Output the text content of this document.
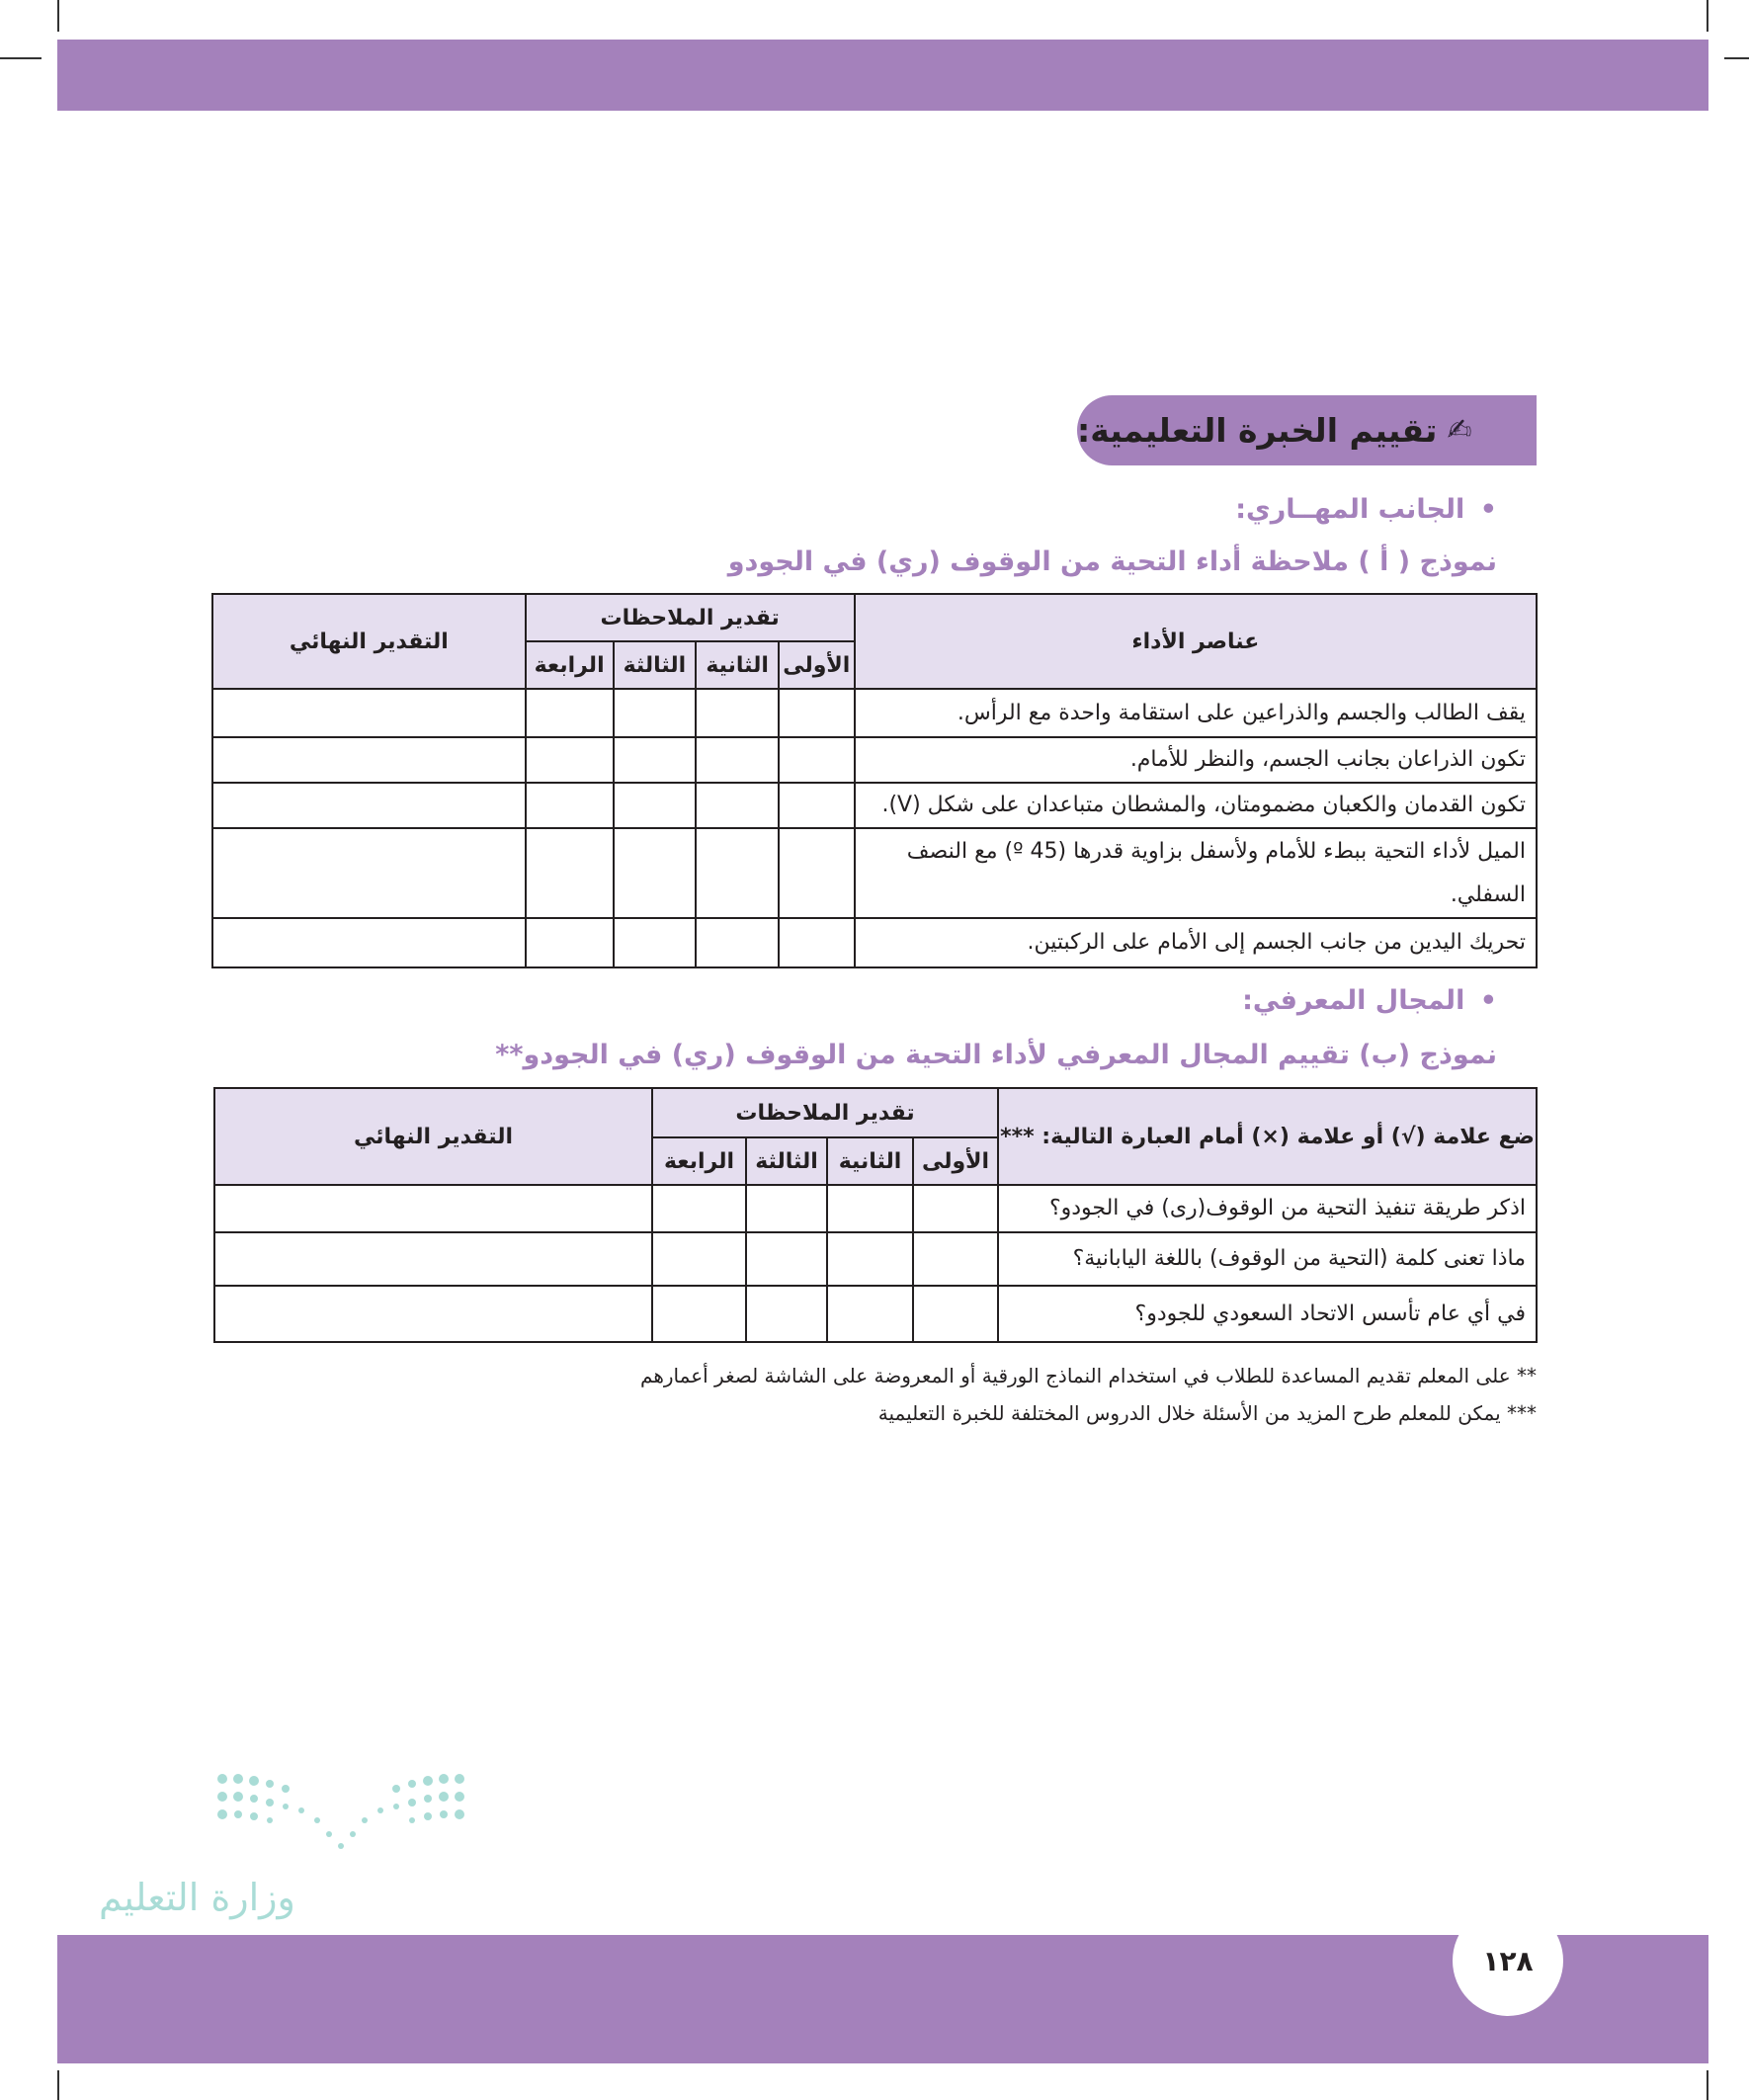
✍
تقييم الخبرة التعليمية:
• الجانب المهــاري:
نموذج ( أ ) ملاحظة أداء التحية من الوقوف (ري) في الجودو
عناصر الأداء	تقدير الملاحظات				التقدير النهائي
	الأولى	الثانية	الثالثة	الرابعة	
يقف الطالب والجسم والذراعين على استقامة واحدة مع الرأس.					
تكون الذراعان بجانب الجسم، والنظر للأمام.					
تكون القدمان والكعبان مضمومتان، والمشطان متباعدان على شكل (V).					
الميل لأداء التحية ببطء للأمام ولأسفل بزاوية قدرها (45 º) مع النصف السفلي.					
تحريك اليدين من جانب الجسم إلى الأمام على الركبتين.					
• المجال المعرفي:
نموذج (ب) تقييم المجال المعرفي لأداء التحية من الوقوف (ري) في الجودو**
ضع علامة (√) أو علامة (×) أمام العبارة التالية: ***	تقدير الملاحظات				التقدير النهائي
	الأولى	الثانية	الثالثة	الرابعة	
اذكر طريقة تنفيذ التحية من الوقوف(رى) في الجودو؟					
ماذا تعنى كلمة (التحية من الوقوف) باللغة اليابانية؟					
في أي عام تأسس الاتحاد السعودي للجودو؟					
** على المعلم تقديم المساعدة للطلاب في استخدام النماذج الورقية أو المعروضة على الشاشة لصغر أعمارهم
*** يمكن للمعلم طرح المزيد من الأسئلة خلال الدروس المختلفة للخبرة التعليمية
وزارة التعليم
١٢٨
